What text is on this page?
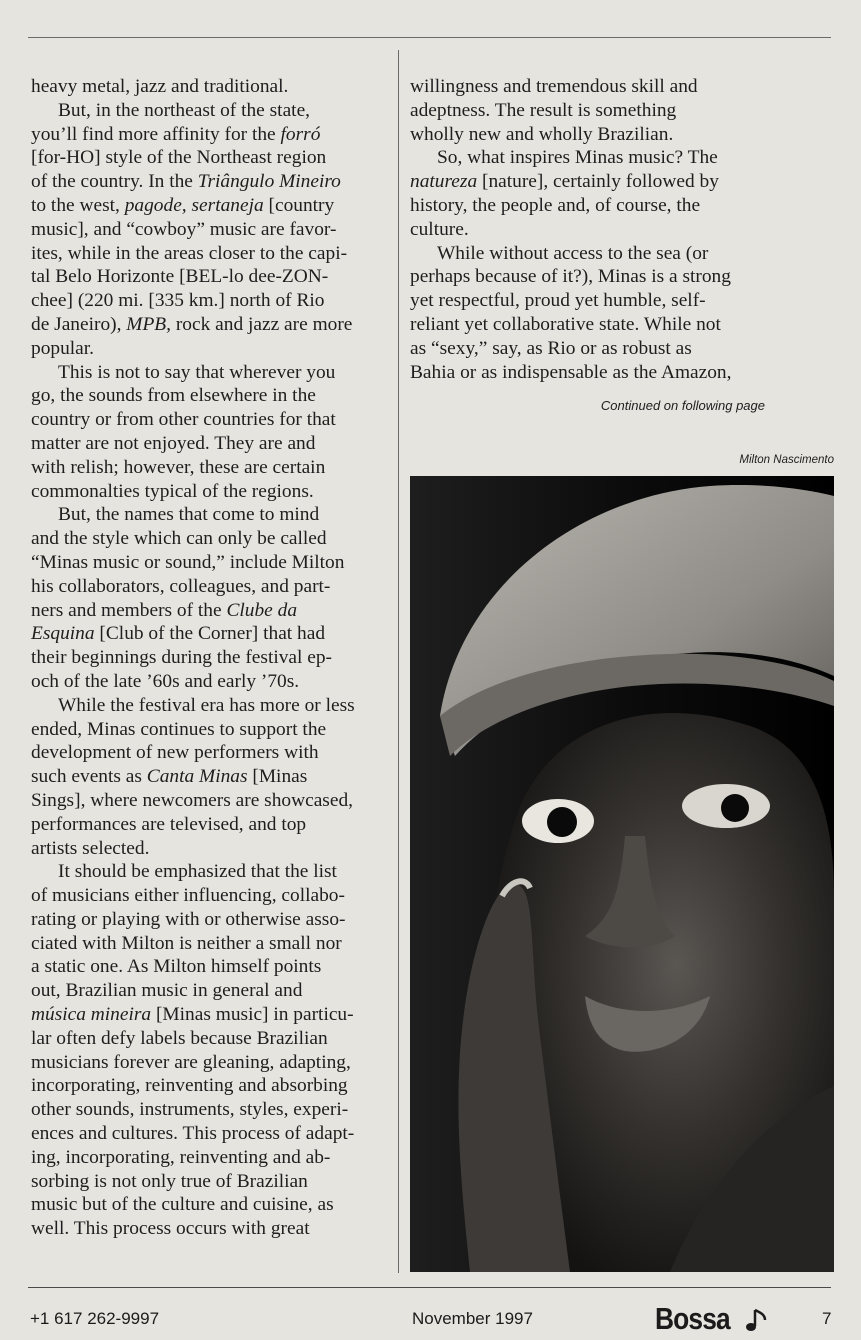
heavy metal, jazz and traditional.
But, in the northeast of the state,
you’ll find more affinity for the forró
[for-HO] style of the Northeast region
of the country. In the Triângulo Mineiro
to the west, pagode, sertaneja [country
music], and “cowboy” music are favor-
ites, while in the areas closer to the capi-
tal Belo Horizonte [BEL-lo dee-ZON-
chee] (220 mi. [335 km.] north of Rio
de Janeiro), MPB, rock and jazz are more
popular.
This is not to say that wherever you
go, the sounds from elsewhere in the
country or from other countries for that
matter are not enjoyed. They are and
with relish; however, these are certain
commonalties typical of the regions.
But, the names that come to mind
and the style which can only be called
“Minas music or sound,” include Milton
his collaborators, colleagues, and part-
ners and members of the Clube da
Esquina [Club of the Corner] that had
their beginnings during the festival ep-
och of the late ’60s and early ’70s.
While the festival era has more or less
ended, Minas continues to support the
development of new performers with
such events as Canta Minas [Minas
Sings], where newcomers are showcased,
performances are televised, and top
artists selected.
It should be emphasized that the list
of musicians either influencing, collabo-
rating or playing with or otherwise asso-
ciated with Milton is neither a small nor
a static one. As Milton himself points
out, Brazilian music in general and
música mineira [Minas music] in particu-
lar often defy labels because Brazilian
musicians forever are gleaning, adapting,
incorporating, reinventing and absorbing
other sounds, instruments, styles, experi-
ences and cultures. This process of adapt-
ing, incorporating, reinventing and ab-
sorbing is not only true of Brazilian
music but of the culture and cuisine, as
well. This process occurs with great
willingness and tremendous skill and
adeptness. The result is something
wholly new and wholly Brazilian.
So, what inspires Minas music? The
natureza [nature], certainly followed by
history, the people and, of course, the
culture.
While without access to the sea (or
perhaps because of it?), Minas is a strong
yet respectful, proud yet humble, self-
reliant yet collaborative state. While not
as “sexy,” say, as Rio or as robust as
Bahia or as indispensable as the Amazon,
Continued on following page
Milton Nascimento
+1 617 262-9997	November 1997	Bossa	7
